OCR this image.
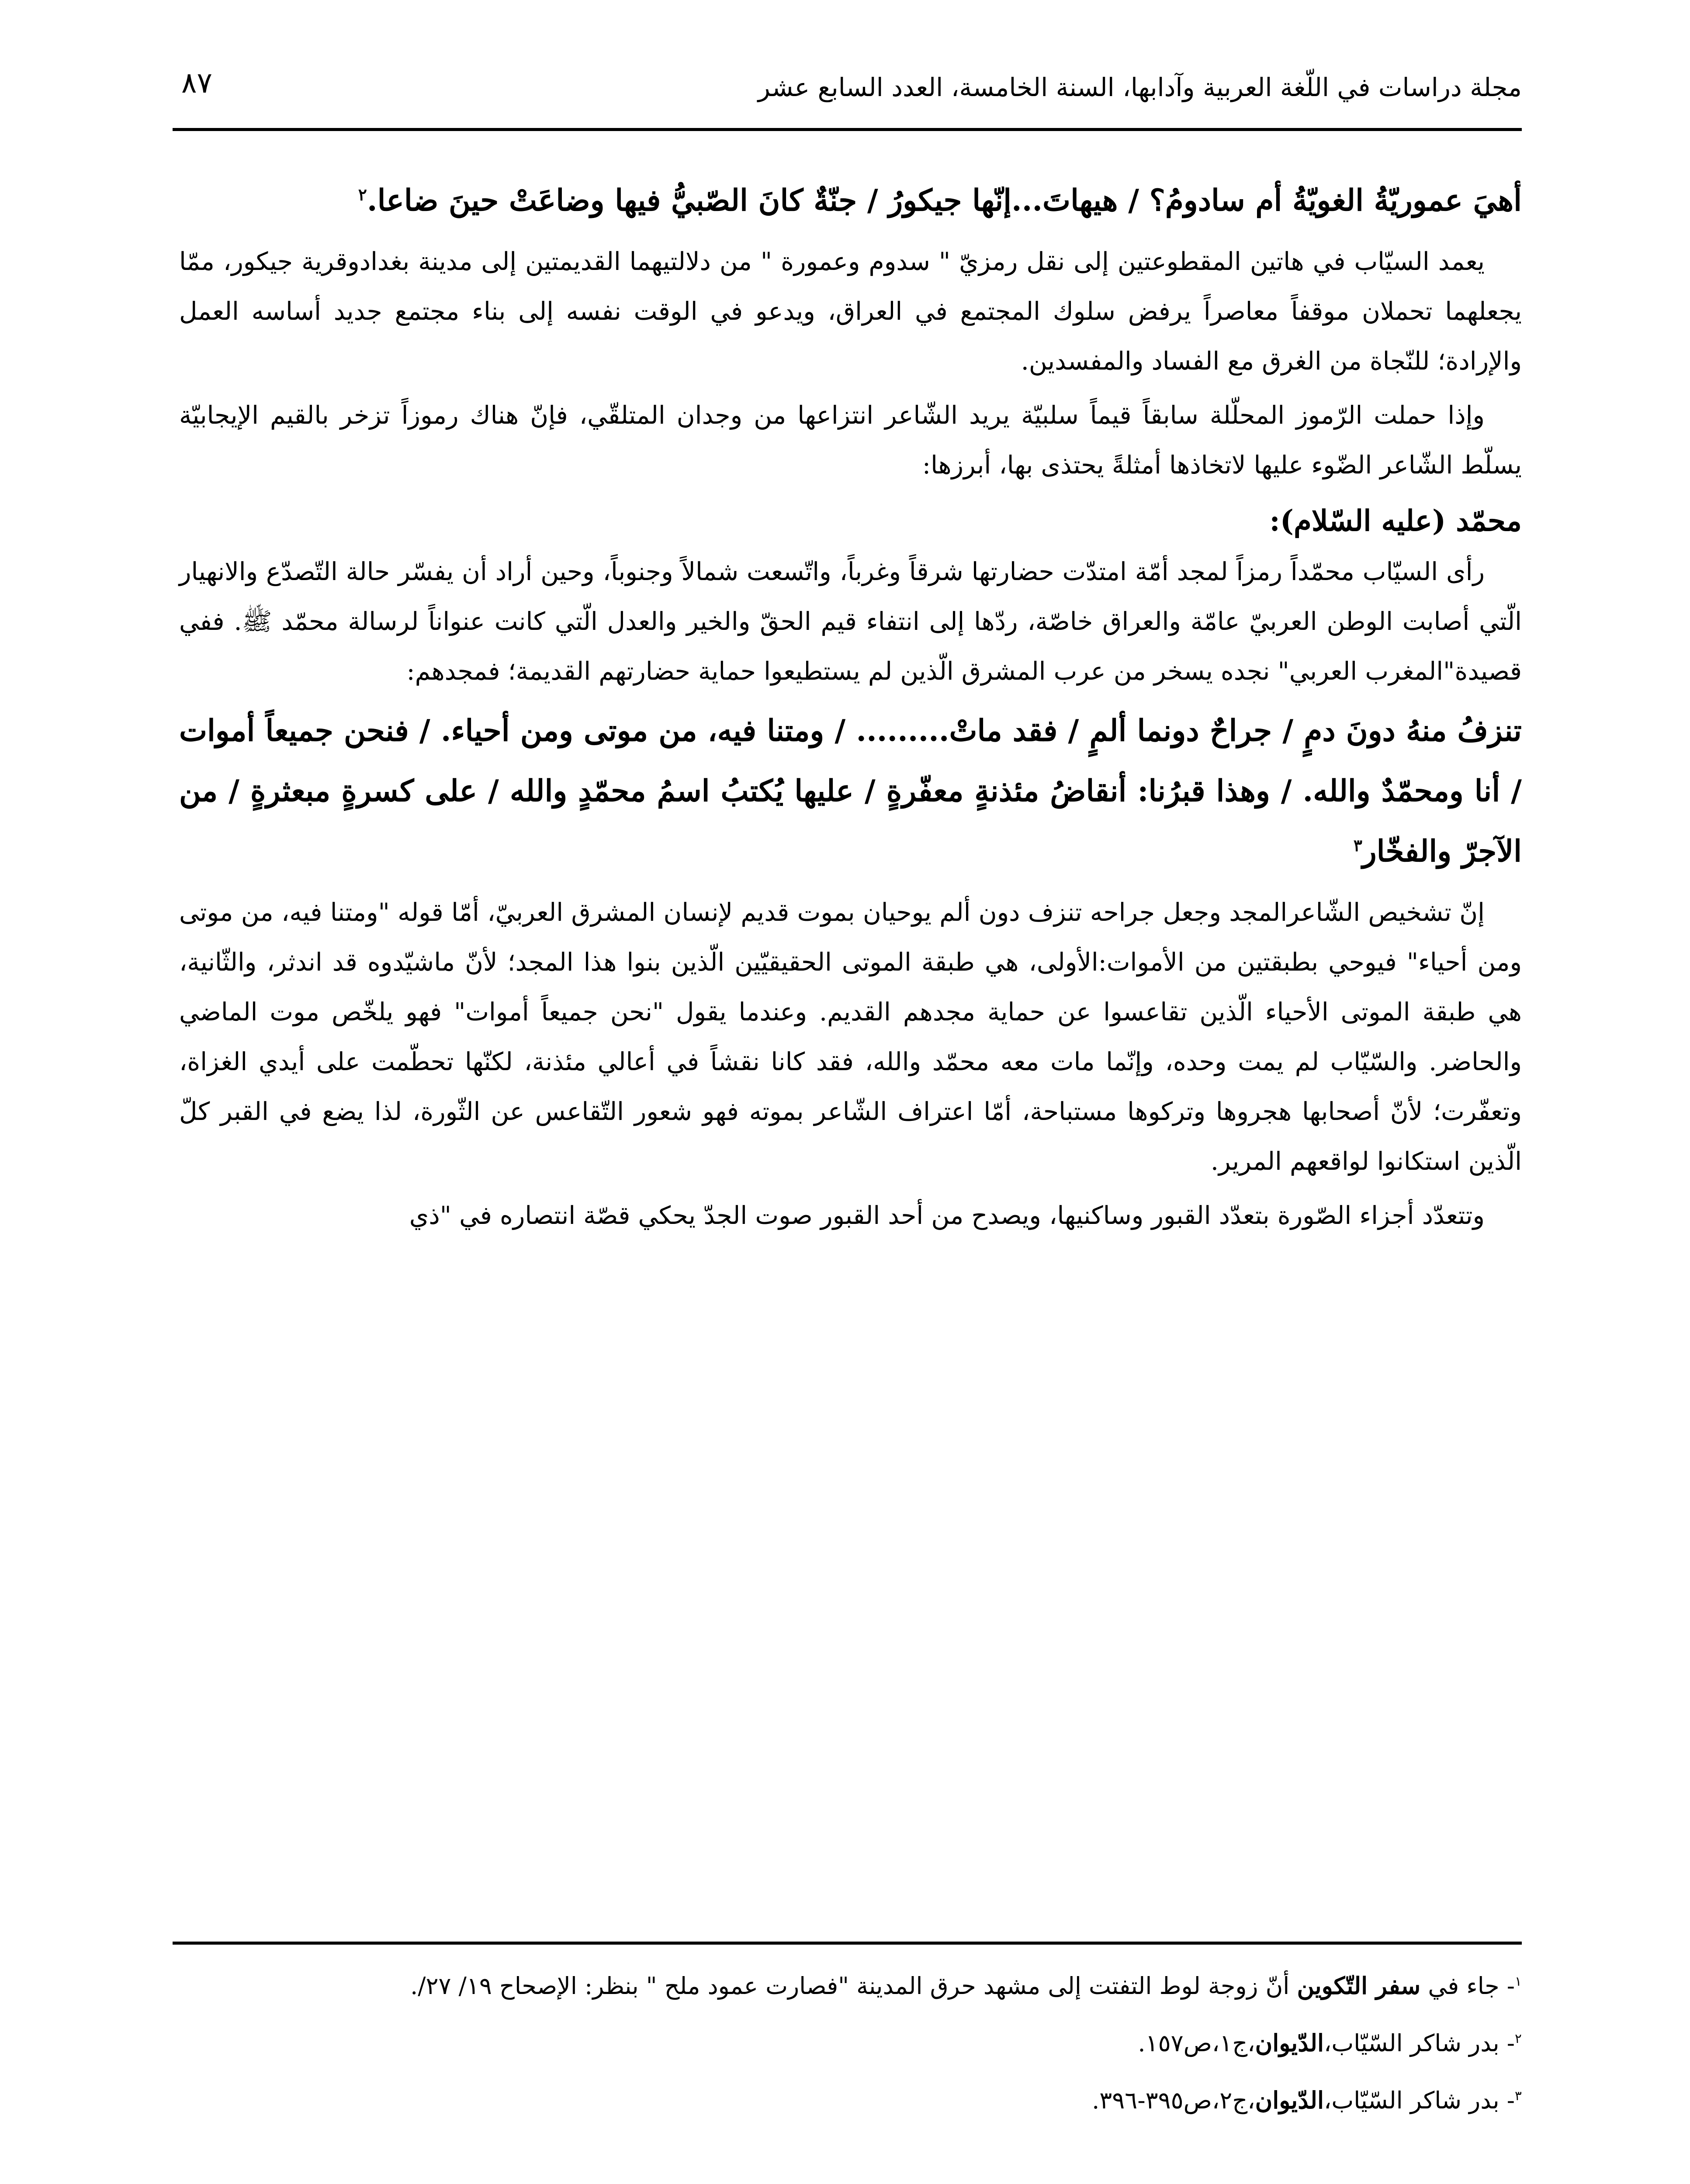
مجلة دراسات في اللّغة العربية وآدابها، السنة الخامسة، العدد السابع عشر
٨٧

أهيَ عموريّةُ الغويّةُ أم سادومُ؟ / هيهاتَ...إنّها جيكورُ / جنّةٌ كانَ الصّبيُّ فيها وضاعَتْ حينَ ضاعا.$^٢$

يعمد السيّاب في هاتين المقطوعتين إلى نقل رمزيّ " سدوم وعمورة " من دلالتيهما القديمتين إلى مدينة بغدادوقرية جيكور، ممّا يجعلهما تحملان موقفاً معاصراً يرفض سلوك المجتمع في العراق، ويدعو في الوقت نفسه إلى بناء مجتمع جديد أساسه العمل والإرادة؛ للنّجاة من الغرق مع الفساد والمفسدين.

وإذا حملت الرّموز المحلّلة سابقاً قيماً سلبيّة يريد الشّاعر انتزاعها من وجدان المتلقّي، فإنّ هناك رموزاً تزخر بالقيم الإيجابيّة يسلّط الشّاعر الضّوء عليها لاتخاذها أمثلةً يحتذى بها، أبرزها:

محمّد (عليه السّلام):

رأى السيّاب محمّداً رمزاً لمجد أمّة امتدّت حضارتها شرقاً وغرباً، واتّسعت شمالاً وجنوباً، وحين أراد أن يفسّر حالة التّصدّع والانهيار الّتي أصابت الوطن العربيّ عامّة والعراق خاصّة، ردّها إلى انتفاء قيم الحقّ والخير والعدل الّتي كانت عنواناً لرسالة محمّد ﷺ. ففي قصيدة"المغرب العربي" نجده يسخر من عرب المشرق الّذين لم يستطيعوا حماية حضارتهم القديمة؛ فمجدهم:

تنزفُ منهُ دونَ دمٍ / جراحٌ دونما ألمٍ / فقد ماتْ......... / ومتنا فيه، من موتى ومن أحياء. / فنحن جميعاً أموات / أنا ومحمّدٌ والله. / وهذا قبرُنا: أنقاضُ مئذنةٍ معفّرةٍ / عليها يُكتبُ اسمُ محمّدٍ والله / على كسرةٍ مبعثرةٍ / من الآجرّ والفخّار$^٣$

إنّ تشخيص الشّاعرالمجد وجعل جراحه تنزف دون ألم يوحيان بموت قديم لإنسان المشرق العربيّ، أمّا قوله "ومتنا فيه، من موتى ومن أحياء" فيوحي بطبقتين من الأموات:الأولى، هي طبقة الموتى الحقيقيّين الّذين بنوا هذا المجد؛ لأنّ ماشيّدوه قد اندثر، والثّانية، هي طبقة الموتى الأحياء الّذين تقاعسوا عن حماية مجدهم القديم. وعندما يقول "نحن جميعاً أموات" فهو يلخّص موت الماضي والحاضر. والسّيّاب لم يمت وحده، وإنّما مات معه محمّد والله، فقد كانا نقشاً في أعالي مئذنة، لكنّها تحطّمت على أيدي الغزاة، وتعفّرت؛ لأنّ أصحابها هجروها وتركوها مستباحة، أمّا اعتراف الشّاعر بموته فهو شعور التّقاعس عن الثّورة، لذا يضع في القبر كلّ الّذين استكانوا لواقعهم المرير.

وتتعدّد أجزاء الصّورة بتعدّد القبور وساكنيها، ويصدح من أحد القبور صوت الجدّ يحكي قصّة انتصاره في "ذي

$^١$- جاء في سفر التّكوين أنّ زوجة لوط التفتت إلى مشهد حرق المدينة "فصارت عمود ملح " بنظر: الإصحاح ١٩/ ٢٧/.

$^٢$- بدر شاكر السّيّاب،الدّيوان،ج١،ص١٥٧.

$^٣$- بدر شاكر السّيّاب،الدّيوان،ج٢،ص٣٩٥-٣٩٦.
